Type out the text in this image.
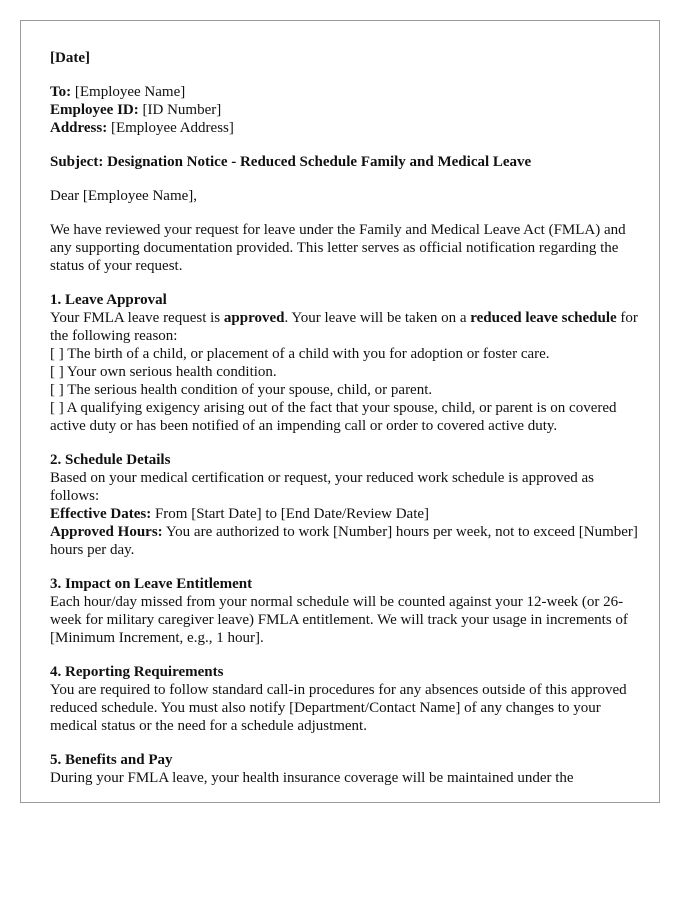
[Date]

To: [Employee Name]

Employee ID: [ID Number]

Address: [Employee Address]

Subject: Designation Notice - Reduced Schedule Family and Medical Leave

Dear [Employee Name],

We have reviewed your request for leave under the Family and Medical Leave Act (FMLA) and any supporting documentation provided. This letter serves as official notification regarding the status of your request.

1. Leave Approval

Your FMLA leave request is approved. Your leave will be taken on a reduced leave schedule for the following reason:

[ ] The birth of a child, or placement of a child with you for adoption or foster care.

[ ] Your own serious health condition.

[ ] The serious health condition of your spouse, child, or parent.

[ ] A qualifying exigency arising out of the fact that your spouse, child, or parent is on covered active duty or has been notified of an impending call or order to covered active duty.

2. Schedule Details

Based on your medical certification or request, your reduced work schedule is approved as follows:

Effective Dates: From [Start Date] to [End Date/Review Date]

Approved Hours: You are authorized to work [Number] hours per week, not to exceed [Number] hours per day.

3. Impact on Leave Entitlement

Each hour/day missed from your normal schedule will be counted against your 12-week (or 26-week for military caregiver leave) FMLA entitlement. We will track your usage in increments of [Minimum Increment, e.g., 1 hour].

4. Reporting Requirements

You are required to follow standard call-in procedures for any absences outside of this approved reduced schedule. You must also notify [Department/Contact Name] of any changes to your medical status or the need for a schedule adjustment.

5. Benefits and Pay

During your FMLA leave, your health insurance coverage will be maintained under the
